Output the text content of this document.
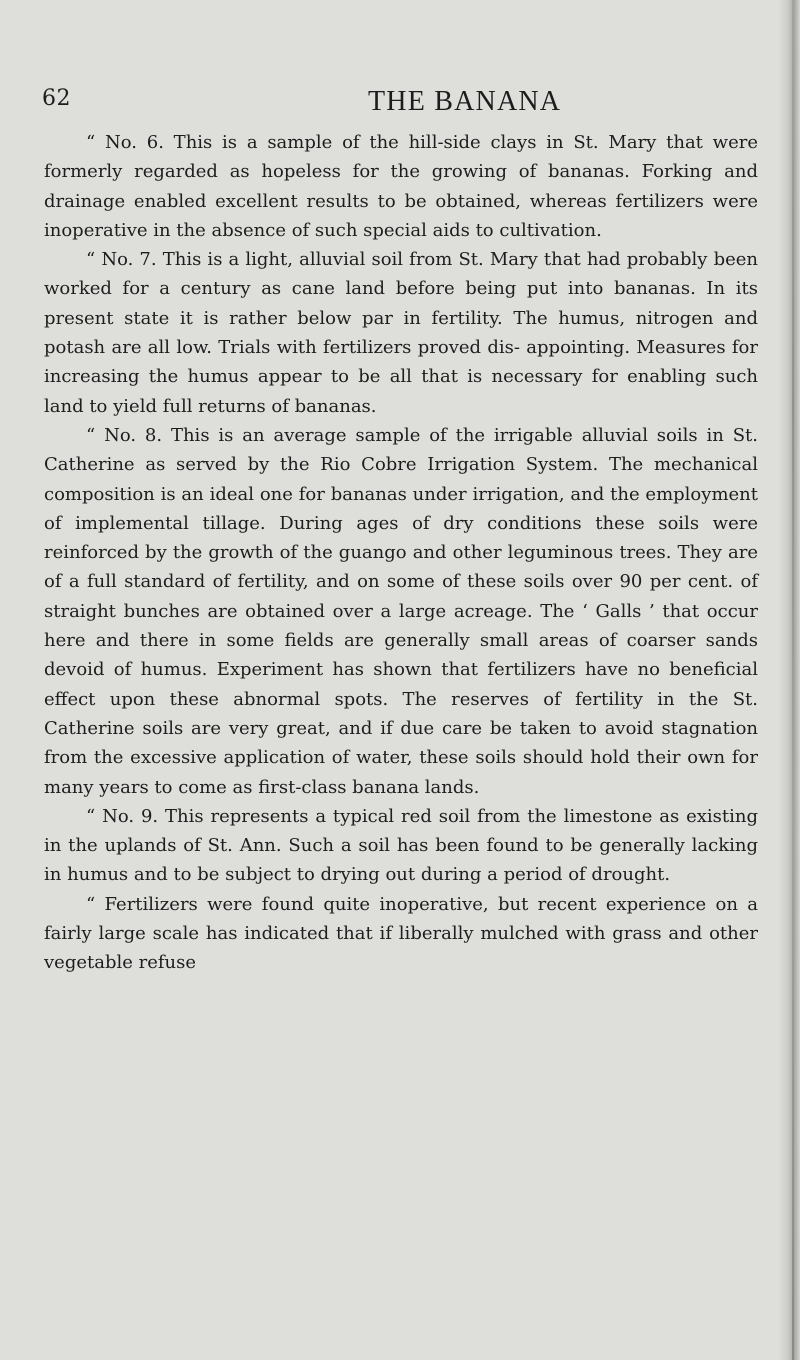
62	THE BANANA

“ No. 6. This is a sample of the hill-side clays in St. Mary that were formerly regarded as hopeless for the growing of bananas. Forking and drainage enabled excellent results to be obtained, whereas fertilizers were inoperative in the absence of such special aids to cultivation.

“ No. 7. This is a light, alluvial soil from St. Mary that had probably been worked for a century as cane land before being put into bananas. In its present state it is rather below par in fertility. The humus, nitrogen and potash are all low. Trials with fertilizers proved dis- appointing. Measures for increasing the humus appear to be all that is necessary for enabling such land to yield full returns of bananas.

“ No. 8. This is an average sample of the irrigable alluvial soils in St. Catherine as served by the Rio Cobre Irrigation System. The mechanical composition is an ideal one for bananas under irrigation, and the employment of implemental tillage. During ages of dry conditions these soils were reinforced by the growth of the guango and other leguminous trees. They are of a full standard of fertility, and on some of these soils over 90 per cent. of straight bunches are obtained over a large acreage. The ‘ Galls ’ that occur here and there in some fields are generally small areas of coarser sands devoid of humus. Experiment has shown that fertilizers have no beneficial effect upon these abnormal spots. The reserves of fertility in the St. Catherine soils are very great, and if due care be taken to avoid stagnation from the excessive application of water, these soils should hold their own for many years to come as first-class banana lands.

“ No. 9. This represents a typical red soil from the limestone as existing in the uplands of St. Ann. Such a soil has been found to be generally lacking in humus and to be subject to drying out during a period of drought.

“ Fertilizers were found quite inoperative, but recent experience on a fairly large scale has indicated that if liberally mulched with grass and other vegetable refuse
